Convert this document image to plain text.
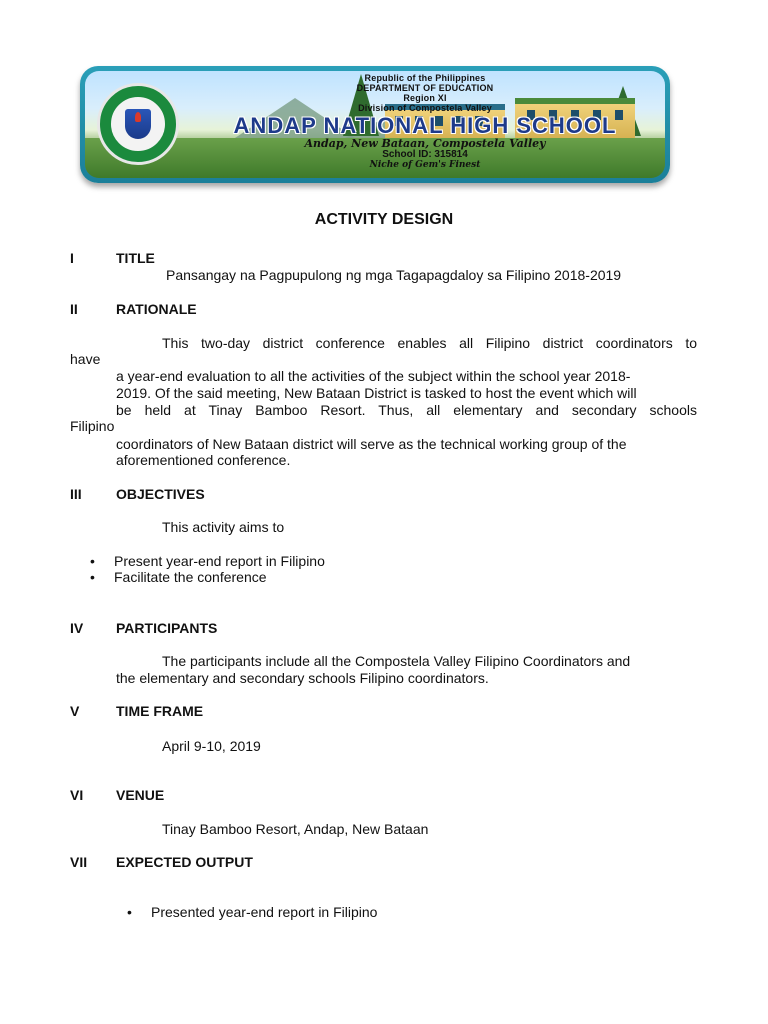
Republic of the Philippines
DEPARTMENT OF EDUCATION
Region XI
Division of Compostela Valley
ANDAP NATIONAL HIGH SCHOOL
Andap, New Bataan, Compostela Valley
School ID: 315814
Niche of Gem's Finest
ACTIVITY DESIGN
I	TITLE
Pansangay na Pagpupulong ng mga Tagapagdaloy sa Filipino 2018-2019
II	RATIONALE
This two-day district conference enables all Filipino district coordinators to
have
a year-end evaluation to all the activities of the subject within the school year 2018-
2019. Of the said meeting, New Bataan District is tasked to host the event which will
be held at Tinay Bamboo Resort. Thus, all elementary and secondary schools
Filipino
coordinators of New Bataan district will serve as the technical working group of the
aforementioned conference.
III OBJECTIVES
This activity aims to
• Present year-end report in Filipino
• Facilitate the conference
IV PARTICIPANTS
The participants include all the Compostela Valley Filipino Coordinators and
the elementary and secondary schools Filipino coordinators.
V	TIME FRAME
April 9-10, 2019
VI VENUE
Tinay Bamboo Resort, Andap, New Bataan
VII EXPECTED OUTPUT
• Presented year-end report in Filipino
